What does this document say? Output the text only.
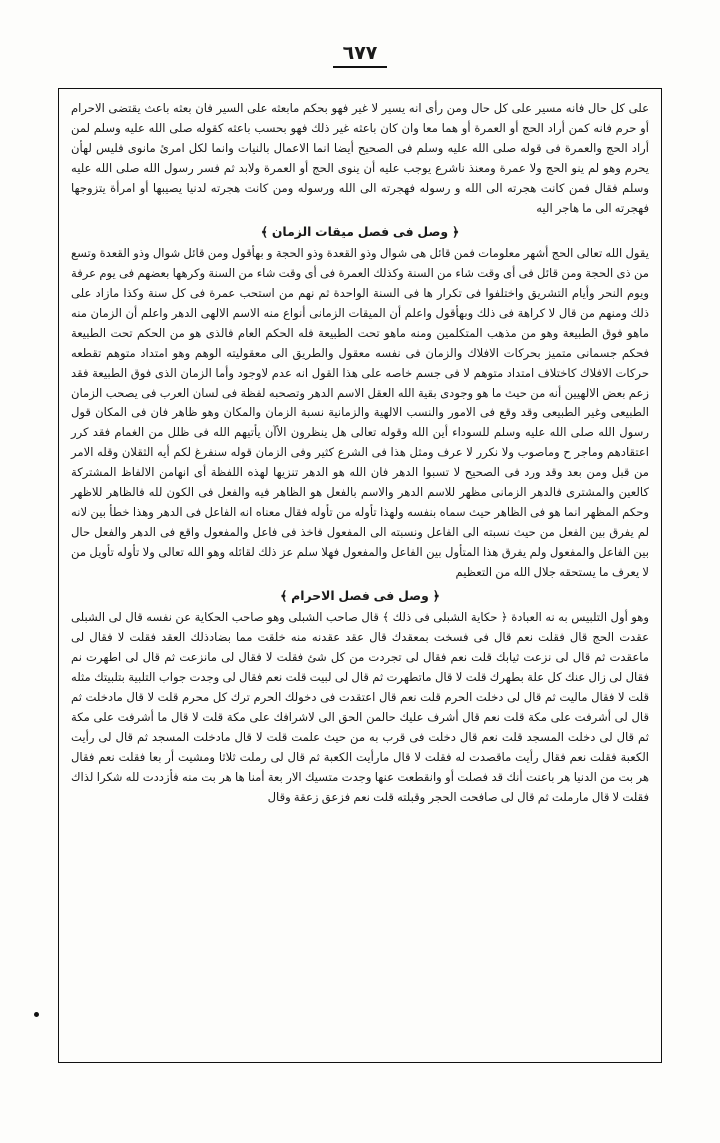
٦٧٧

على كل حال فانه مسير على كل حال ومن رأى انه يسير لا غير فهو بحكم مابعثه على السير فان بعثه باعث يقتضى الاحرام أو حرم فانه كمن أراد الحج أو العمرة أو هما معا وان كان باعثه غير ذلك فهو بحسب باعثه كقوله صلى الله عليه وسلم لمن أراد الحج والعمرة فى قوله صلى الله عليه وسلم فى الصحيح أيضا انما الاعمال بالنيات وانما لكل امرئ مانوى فليس لهأن يحرم وهو لم ينو الحج ولا عمرة ومعنذ ناشرع يوجب عليه أن ينوى الحج أو العمرة ولابد ثم فسر رسول الله صلى الله عليه وسلم فقال فمن كانت هجرته الى الله و رسوله فهجرته الى الله ورسوله ومن كانت هجرته لدنيا يصيبها أو امرأة يتزوجها فهجرته الى ما هاجر اليه

﴿ وصل فى فصل ميقات الزمان ﴾

يقول الله تعالى الحج أشهر معلومات فمن قائل هى شوال وذو القعدة وذو الحجة و بهأقول ومن قائل شوال وذو القعدة وتسع من ذى الحجة ومن قائل فى أى وقت شاء من السنة وكذلك العمرة فى أى وقت شاء من السنة وكرهها بعضهم فى يوم عرفة ويوم النحر وأيام التشريق واختلفوا فى تكرار ها فى السنة الواحدة ثم نهم من استحب عمرة فى كل سنة وكذا مازاد على ذلك ومنهم من قال لا كراهة فى ذلك وبهأقول واعلم أن الميقات الزمانى أنواع منه الاسم الالهى الدهر واعلم أن الزمان منه ماهو فوق الطبيعة وهو من مذهب المتكلمين ومنه ماهو تحت الطبيعة فله الحكم العام فالذى هو من الحكم تحت الطبيعة فحكم جسمانى متميز بحركات الافلاك والزمان فى نفسه معقول والطريق الى معقوليته الوهم وهو امتداد متوهم تقطعه حركات الافلاك كاختلاف امتداد متوهم لا فى جسم خاصه على هذا القول انه عدم لاوجود وأما الزمان الذى فوق الطبيعة فقد زعم بعض الالهيين أنه من حيث ما هو وجودى بقية الله العقل الاسم الدهر وتصحبه لفظة فى لسان العرب فى يصحب الزمان الطبيعى وغير الطبيعى وقد وقع فى الامور والنسب الالهية والزمانية نسبة الزمان والمكان وهو ظاهر فان فى المكان قول رسول الله صلى الله عليه وسلم للسوداء أين الله وقوله تعالى هل ينظرون الأآن يأتيهم الله فى ظلل من الغمام فقد كرر اعتقادهم وماجر ح وماصوب ولا نكرر لا عرف ومثل هذا فى الشرع كثير وفى الزمان قوله سنفرغ لكم أيه الثقلان وقله الامر من قبل ومن بعد وقد ورد فى الصحيح لا تسبوا الدهر فان الله هو الدهر تنزيها لهذه اللفظة أى انهامن الالفاظ المشتركة كالعين والمشترى فالدهر الزمانى مظهر للاسم الدهر والاسم بالفعل هو الظاهر فيه والفعل فى الكون لله فالظاهر للاظهر وحكم المظهر انما هو فى الظاهر حيث سماه بنفسه ولهذا تأوله من تأوله فقال معناه انه الفاعل فى الدهر وهذا خطأ بين لانه لم يفرق بين الفعل من حيث نسبته الى الفاعل ونسبته الى المفعول فاخذ فى فاعل والمفعول واقع فى الدهر والفعل حال بين الفاعل والمفعول ولم يفرق هذا المتأول بين الفاعل والمفعول فهلا سلم عز ذلك لقائله وهو الله تعالى ولا تأوله تأويل من لا يعرف ما يستحقه جلال الله من التعظيم

﴿ وصل فى فصل الاحرام ﴾

وهو أول التلبيس به نه العبادة ﴿ حكاية الشبلى فى ذلك ﴾ قال صاحب الشبلى وهو صاحب الحكاية عن نفسه قال لى الشبلى عقدت الحج قال فقلت نعم قال فى فسخت بمعقدك قال عقد عقدنه منه خلقت مما بضادذلك العقد فقلت لا فقال لى ماعقدت ثم قال لى نزعت ثيابك قلت نعم فقال لى تجردت من كل شئ فقلت لا فقال لى مانزعت ثم قال لى اطهرت نم فقال لى زال عنك كل علة بطهرك قلت لا قال ماتطهرت ثم قال لى لبيت قلت نعم فقال لى وجدت جواب التلبية بتلبيتك مثله قلت لا فقال ماليت ثم قال لى دخلت الحرم قلت نعم قال اعتقدت فى دخولك الحرم ترك كل محرم قلت لا قال مادخلت ثم قال لى أشرفت على مكة قلت نعم قال أشرف عليك حالمن الحق الى لاشرافك على مكة قلت لا قال ما أشرفت على مكة ثم قال لى دخلت المسجد قلت نعم قال دخلت فى قرب به من حيث علمت قلت لا قال مادخلت المسجد ثم قال لى رأيت الكعبة فقلت نعم فقال رأيت ماقصدت له فقلت لا قال مارأيت الكعبة ثم قال لى رملت ثلاثا ومشيت أر بعا فقلت نعم فقال هر بت من الدنيا هر باعنت أنك قد فصلت أو وانقطعت عنها وجدت متسيك الار بعة أمنا ها هر بت منه فأزددت لله شكرا لذاك فقلت لا قال مارملت ثم قال لى صافحت الحجر وقبلته قلت نعم فزعق زعقة وقال
